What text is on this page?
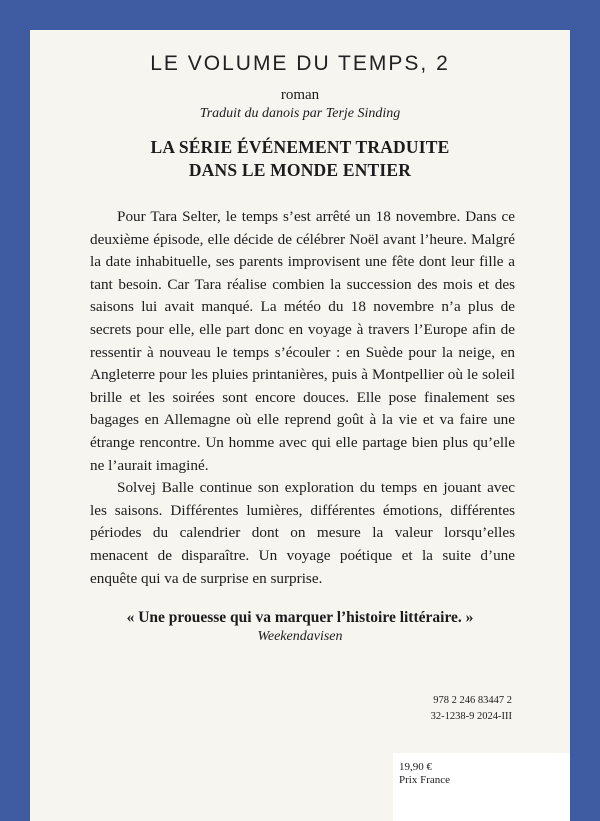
LE VOLUME DU TEMPS, 2
roman
Traduit du danois par Terje Sinding
LA SÉRIE ÉVÉNEMENT TRADUITE
DANS LE MONDE ENTIER

Pour Tara Selter, le temps s’est arrêté un 18 novembre. Dans ce deuxième épisode, elle décide de célébrer Noël avant l’heure. Malgré la date inhabituelle, ses parents improvisent une fête dont leur fille a tant besoin. Car Tara réalise combien la succession des mois et des saisons lui avait manqué. La météo du 18 novembre n’a plus de secrets pour elle, elle part donc en voyage à travers l’Europe afin de ressentir à nouveau le temps s’écouler : en Suède pour la neige, en Angleterre pour les pluies printanières, puis à Montpellier où le soleil brille et les soirées sont encore douces. Elle pose finalement ses bagages en Allemagne où elle reprend goût à la vie et va faire une étrange rencontre. Un homme avec qui elle partage bien plus qu’elle ne l’aurait imaginé.

Solvej Balle continue son exploration du temps en jouant avec les saisons. Différentes lumières, différentes émotions, différentes périodes du calendrier dont on mesure la valeur lorsqu’elles menacent de disparaître. Un voyage poétique et la suite d’une enquête qui va de surprise en surprise.

« Une prouesse qui va marquer l’histoire littéraire. »
Weekendavisen
978 2 246 83447 2
32-1238-9 2024-III
19,90 €
Prix France
